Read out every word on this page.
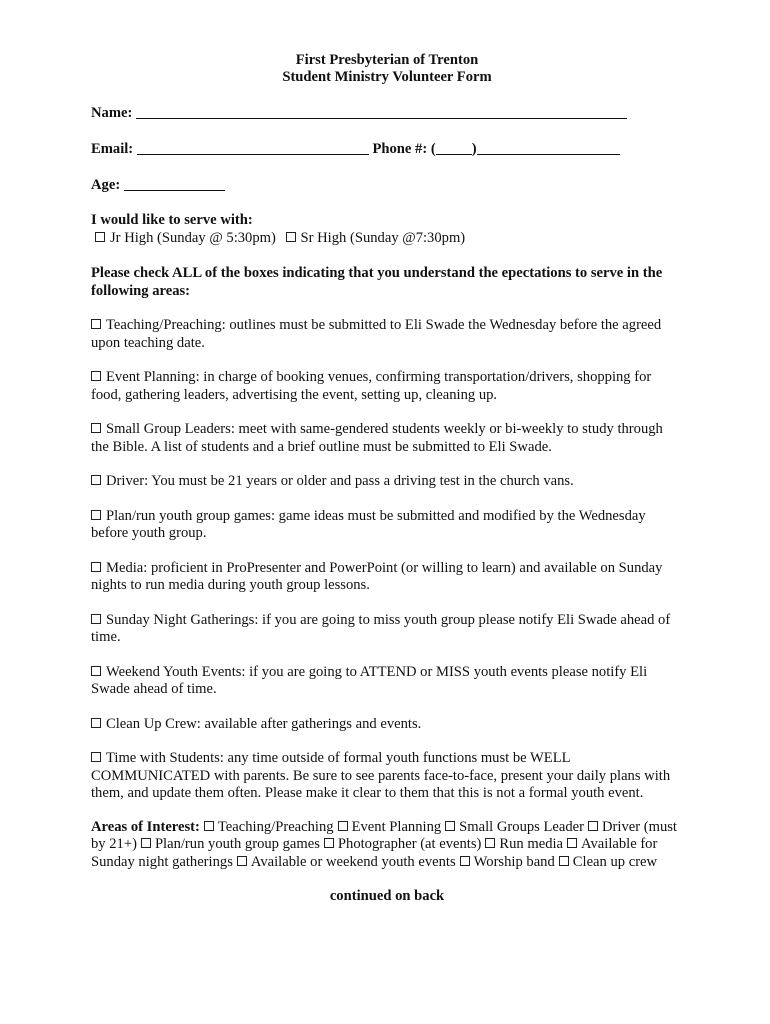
First Presbyterian of Trenton
Student Ministry Volunteer Form
Name:
Email:	Phone #: ( )
Age:
I would like to serve with:
Jr High (Sunday @ 5:30pm) Sr High (Sunday @7:30pm)
Please check ALL of the boxes indicating that you understand the epectations to serve in the following areas:
Teaching/Preaching: outlines must be submitted to Eli Swade the Wednesday before the agreed upon teaching date.
Event Planning: in charge of booking venues, confirming transportation/drivers, shopping for food, gathering leaders, advertising the event, setting up, cleaning up.
Small Group Leaders: meet with same-gendered students weekly or bi-weekly to study through the Bible. A list of students and a brief outline must be submitted to Eli Swade.
Driver: You must be 21 years or older and pass a driving test in the church vans.
Plan/run youth group games: game ideas must be submitted and modified by the Wednesday before youth group.
Media: proficient in ProPresenter and PowerPoint (or willing to learn) and available on Sunday nights to run media during youth group lessons.
Sunday Night Gatherings: if you are going to miss youth group please notify Eli Swade ahead of time.
Weekend Youth Events: if you are going to ATTEND or MISS youth events please notify Eli Swade ahead of time.
Clean Up Crew: available after gatherings and events.
Time with Students: any time outside of formal youth functions must be WELL COMMUNICATED with parents. Be sure to see parents face-to-face, present your daily plans with them, and update them often. Please make it clear to them that this is not a formal youth event.
Areas of Interest: Teaching/Preaching Event Planning Small Groups Leader Driver (must by 21+) Plan/run youth group games Photographer (at events) Run media Available for Sunday night gatherings Available or weekend youth events Worship band Clean up crew
continued on back
